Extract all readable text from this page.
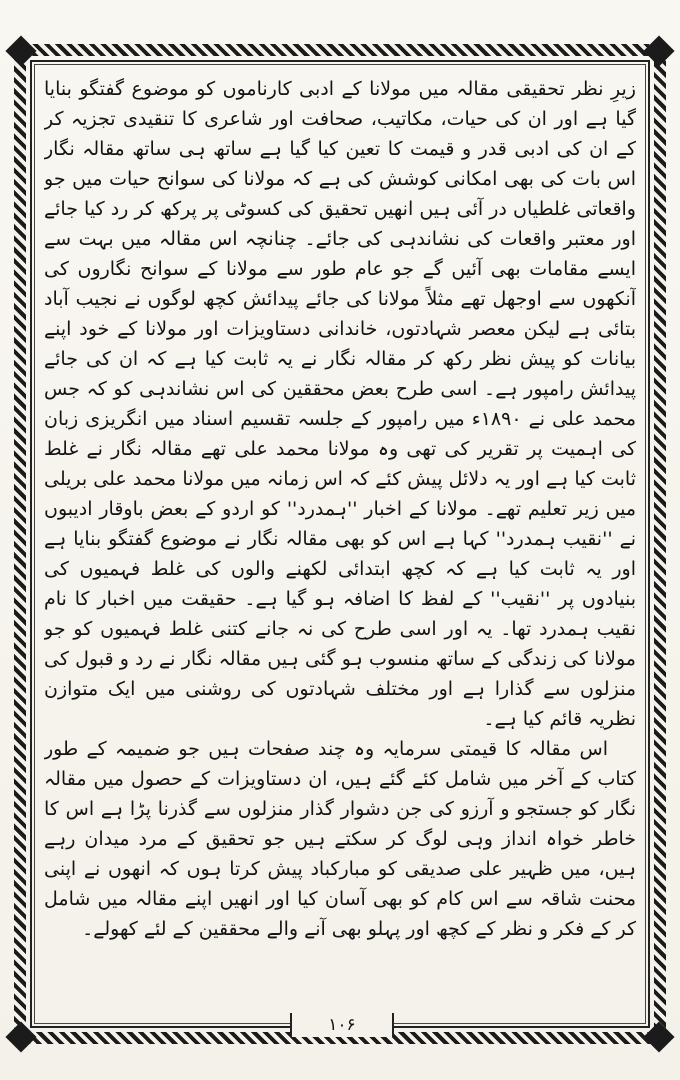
زیرِ نظر تحقیقی مقالہ میں مولانا کے ادبی کارناموں کو موضوع گفتگو بنایا گیا ہے اور ان کی حیات، مکاتیب، صحافت اور شاعری کا تنقیدی تجزیہ کر کے ان کی ادبی قدر و قیمت کا تعین کیا گیا ہے ساتھ ہی ساتھ مقالہ نگار اس بات کی بھی امکانی کوشش کی ہے کہ مولانا کی سوانح حیات میں جو واقعاتی غلطیاں در آئی ہیں انھیں تحقیق کی کسوٹی پر پرکھ کر رد کیا جائے اور معتبر واقعات کی نشاندہی کی جائے۔ چنانچہ اس مقالہ میں بہت سے ایسے مقامات بھی آئیں گے جو عام طور سے مولانا کے سوانح نگاروں کی آنکھوں سے اوجھل تھے مثلاً مولانا کی جائے پیدائش کچھ لوگوں نے نجیب آباد بتائی ہے لیکن معصر شہادتوں، خاندانی دستاویزات اور مولانا کے خود اپنے بیانات کو پیش نظر رکھ کر مقالہ نگار نے یہ ثابت کیا ہے کہ ان کی جائے پیدائش رامپور ہے۔ اسی طرح بعض محققین کی اس نشاندہی کو کہ جس محمد علی نے ۱۸۹۰ء میں رامپور کے جلسہ تقسیم اسناد میں انگریزی زبان کی اہمیت پر تقریر کی تھی وہ مولانا محمد علی تھے مقالہ نگار نے غلط ثابت کیا ہے اور یہ دلائل پیش کئے کہ اس زمانہ میں مولانا محمد علی بریلی میں زیر تعلیم تھے۔ مولانا کے اخبار ''ہمدرد'' کو اردو کے بعض باوقار ادیبوں نے ''نقیب ہمدرد'' کہا ہے اس کو بھی مقالہ نگار نے موضوع گفتگو بنایا ہے اور یہ ثابت کیا ہے کہ کچھ ابتدائی لکھنے والوں کی غلط فہمیوں کی بنیادوں پر ''نقیب'' کے لفظ کا اضافہ ہو گیا ہے۔ حقیقت میں اخبار کا نام نقیب ہمدرد تھا۔ یہ اور اسی طرح کی نہ جانے کتنی غلط فہمیوں کو جو مولانا کی زندگی کے ساتھ منسوب ہو گئی ہیں مقالہ نگار نے رد و قبول کی منزلوں سے گذارا ہے اور مختلف شہادتوں کی روشنی میں ایک متوازن نظریہ قائم کیا ہے۔

اس مقالہ کا قیمتی سرمایہ وہ چند صفحات ہیں جو ضمیمہ کے طور کتاب کے آخر میں شامل کئے گئے ہیں، ان دستاویزات کے حصول میں مقالہ نگار کو جستجو و آرزو کی جن دشوار گذار منزلوں سے گذرنا پڑا ہے اس کا خاطر خواہ انداز وہی لوگ کر سکتے ہیں جو تحقیق کے مرد میدان رہے ہیں، میں ظہیر علی صدیقی کو مبارکباد پیش کرتا ہوں کہ انھوں نے اپنی محنت شاقہ سے اس کام کو بھی آسان کیا اور انھیں اپنے مقالہ میں شامل کر کے فکر و نظر کے کچھ اور پہلو بھی آنے والے محققین کے لئے کھولے۔

۱۰۶
